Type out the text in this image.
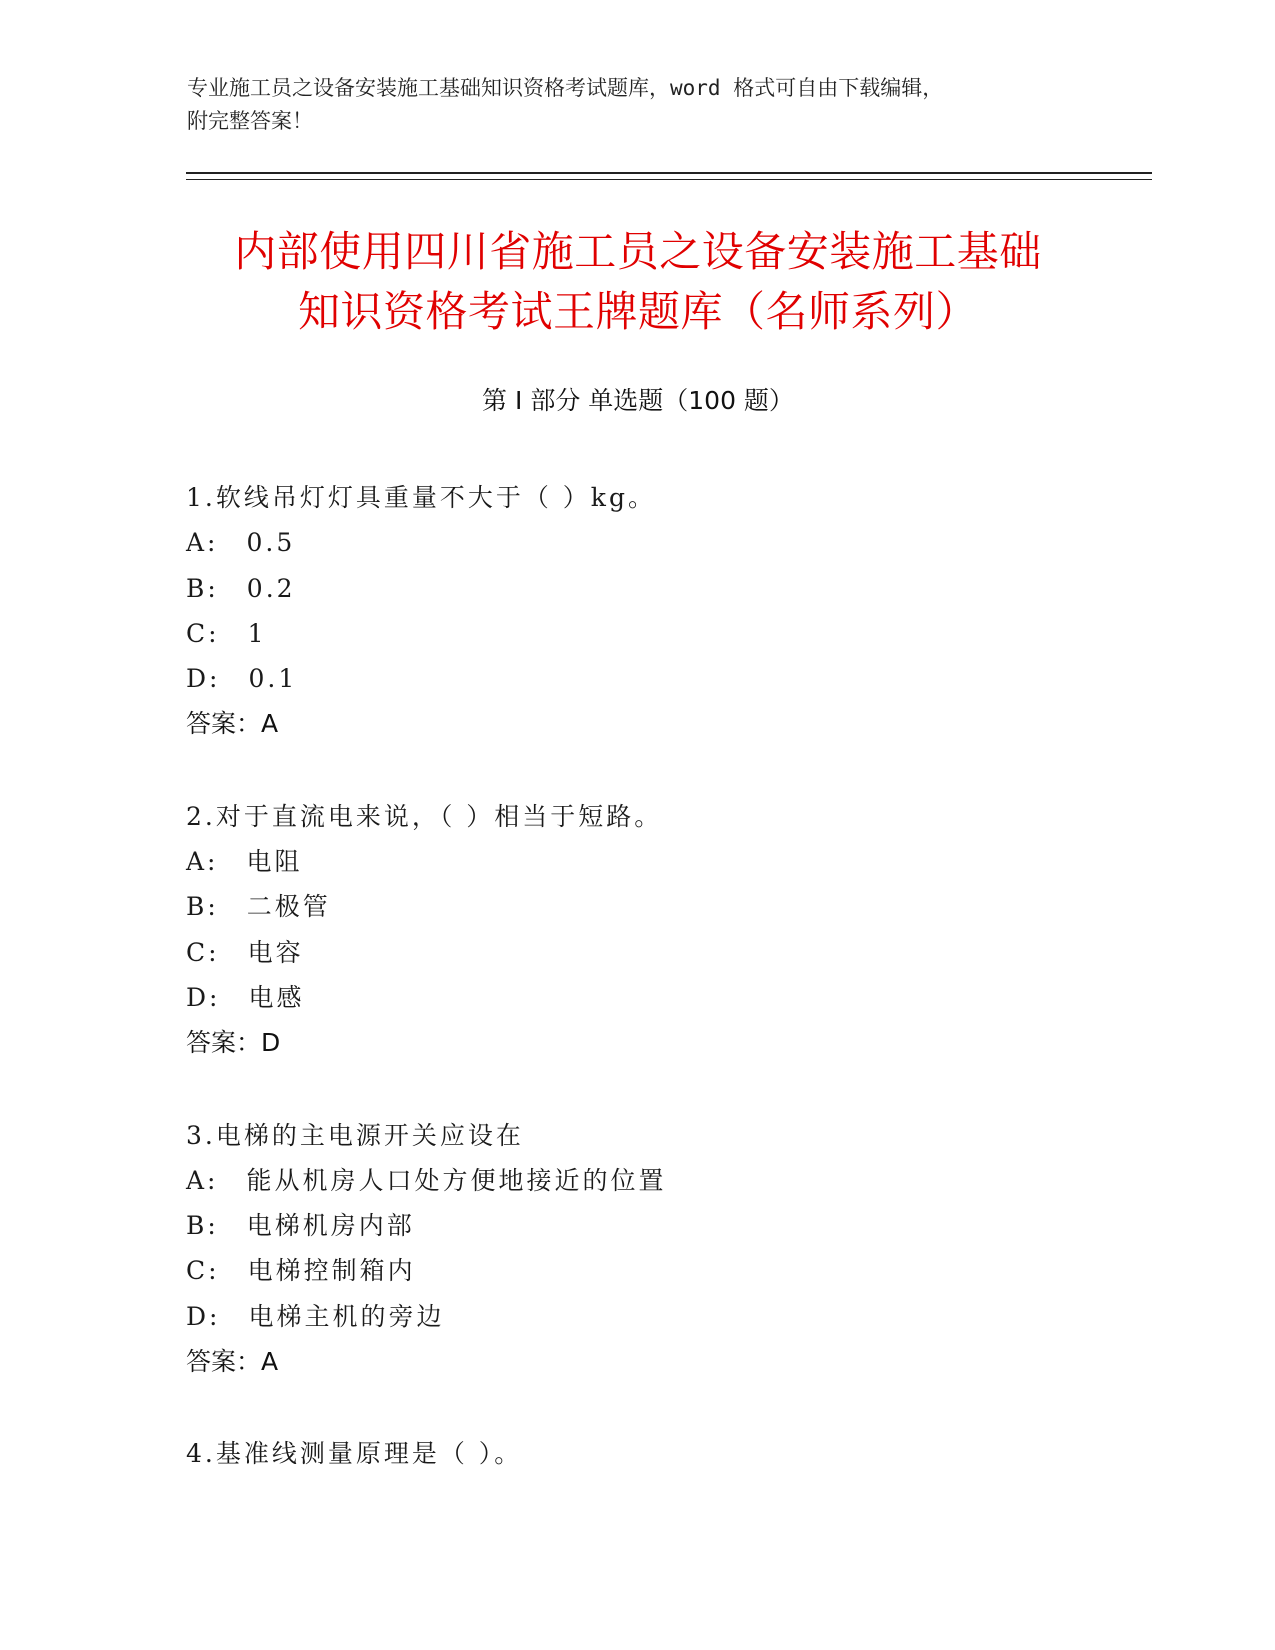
专业施工员之设备安装施工基础知识资格考试题库，word 格式可自由下载编辑，
附完整答案！
内部使用四川省施工员之设备安装施工基础
知识资格考试王牌题库（名师系列）
第 I 部分 单选题（100 题）
1.软线吊灯灯具重量不大于（ ）kg。
A: 0.5
B: 0.2
C: 1
D: 0.1
答案：A
2.对于直流电来说，（ ）相当于短路。
A: 电阻
B: 二极管
C: 电容
D: 电感
答案：D
3.电梯的主电源开关应设在
A: 能从机房人口处方便地接近的位置
B: 电梯机房内部
C: 电梯控制箱内
D: 电梯主机的旁边
答案：A
4.基准线测量原理是（ ）。
